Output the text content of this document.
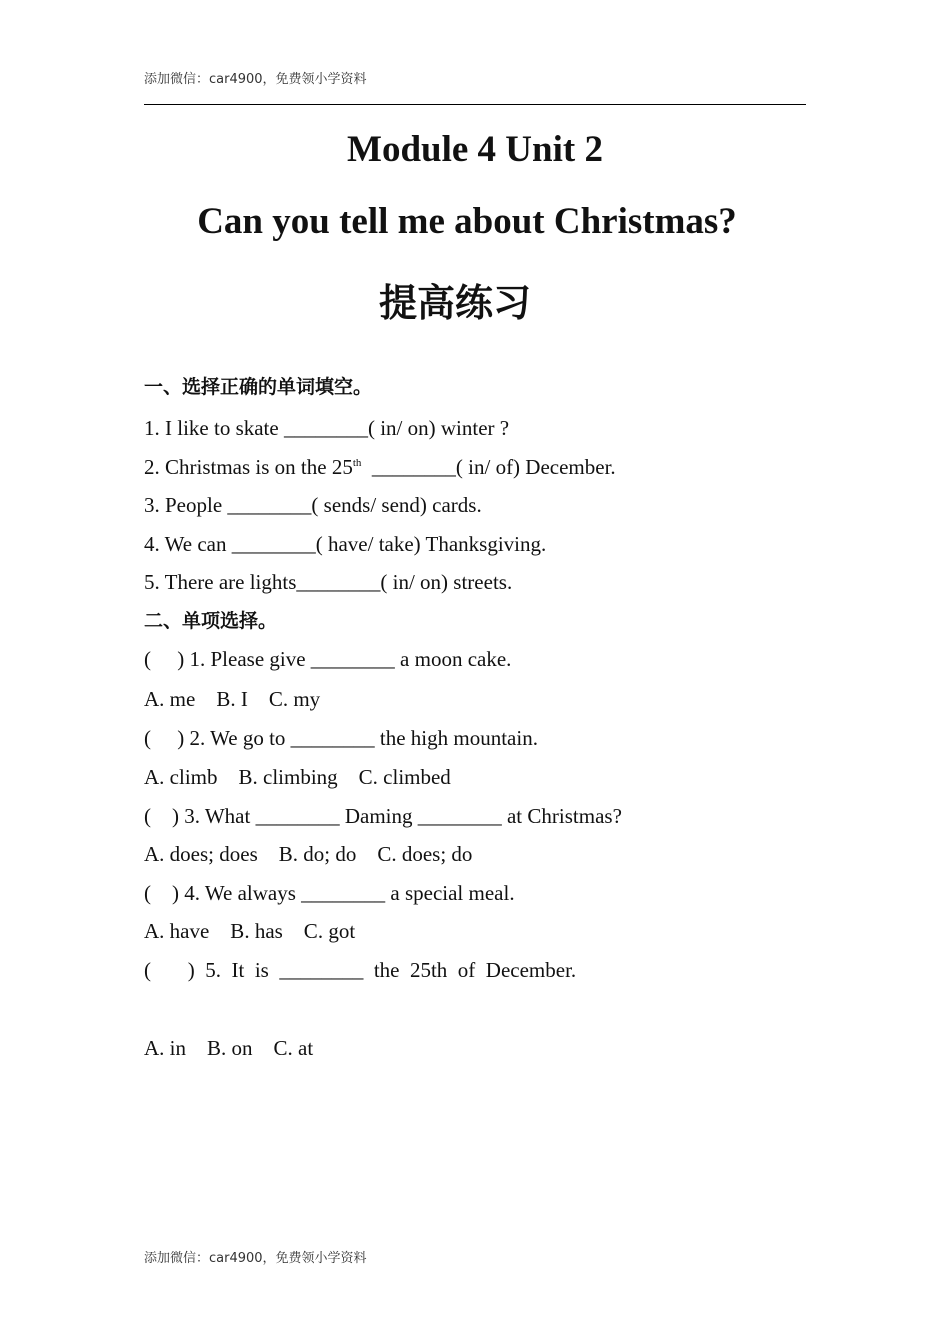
添加微信：car4900，免费领小学资料
Module 4 Unit 2
Can you tell me about Christmas?
提高练习
一、选择正确的单词填空。
1. I like to skate ________( in/ on) winter ?
2. Christmas is on the 25th  ________( in/ of) December.
3. People ________( sends/ send) cards.
4. We can ________( have/ take) Thanksgiving.
5. There are lights________( in/ on) streets.
二、单项选择。
(     ) 1. Please give ________ a moon cake.
A. me    B. I    C. my
(     ) 2. We go to ________ the high mountain.
A. climb    B. climbing    C. climbed
(    ) 3. What ________ Daming ________ at Christmas?
A. does; does    B. do; do    C. does; do
(    ) 4. We always ________ a special meal.
A. have    B. has    C. got
(       )  5.  It  is  ________  the  25th  of  December.
A. in    B. on    C. at
添加微信：car4900，免费领小学资料
